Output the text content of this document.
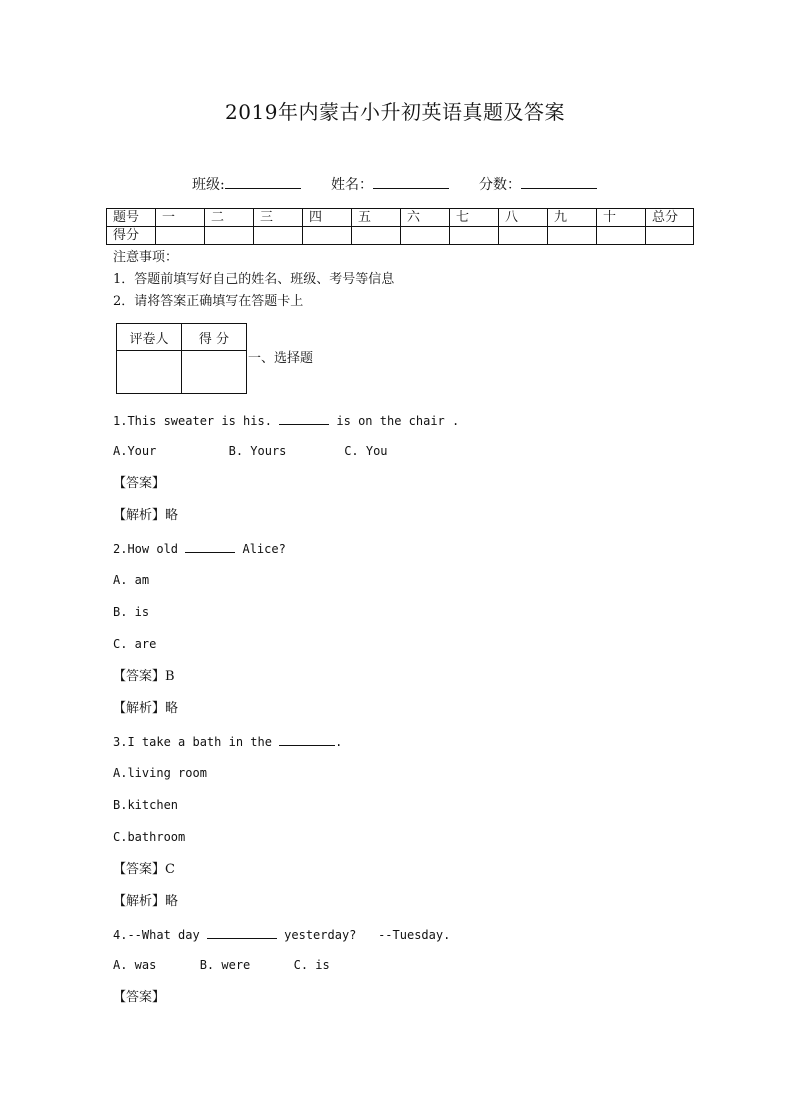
2019年内蒙古小升初英语真题及答案
班级:	姓名：	分数：
题号	一	二	三	四	五	六	七	八	九	十	总分
得分											
注意事项：
1．答题前填写好自己的姓名、班级、考号等信息
2．请将答案正确填写在答题卡上
评卷人	得 分

一、选择题
1.This sweater is his.	is on the chair .
A.Your          B. Yours        C. You
【答案】
【解析】略
2.How old	Alice?
A. am
B. is
C. are
【答案】B
【解析】略
3.I take a bath in the	.
A.living room
B.kitchen
C.bathroom
【答案】C
【解析】略
4.--What day	yesterday?   --Tuesday.
A. was      B. were      C. is
【答案】
